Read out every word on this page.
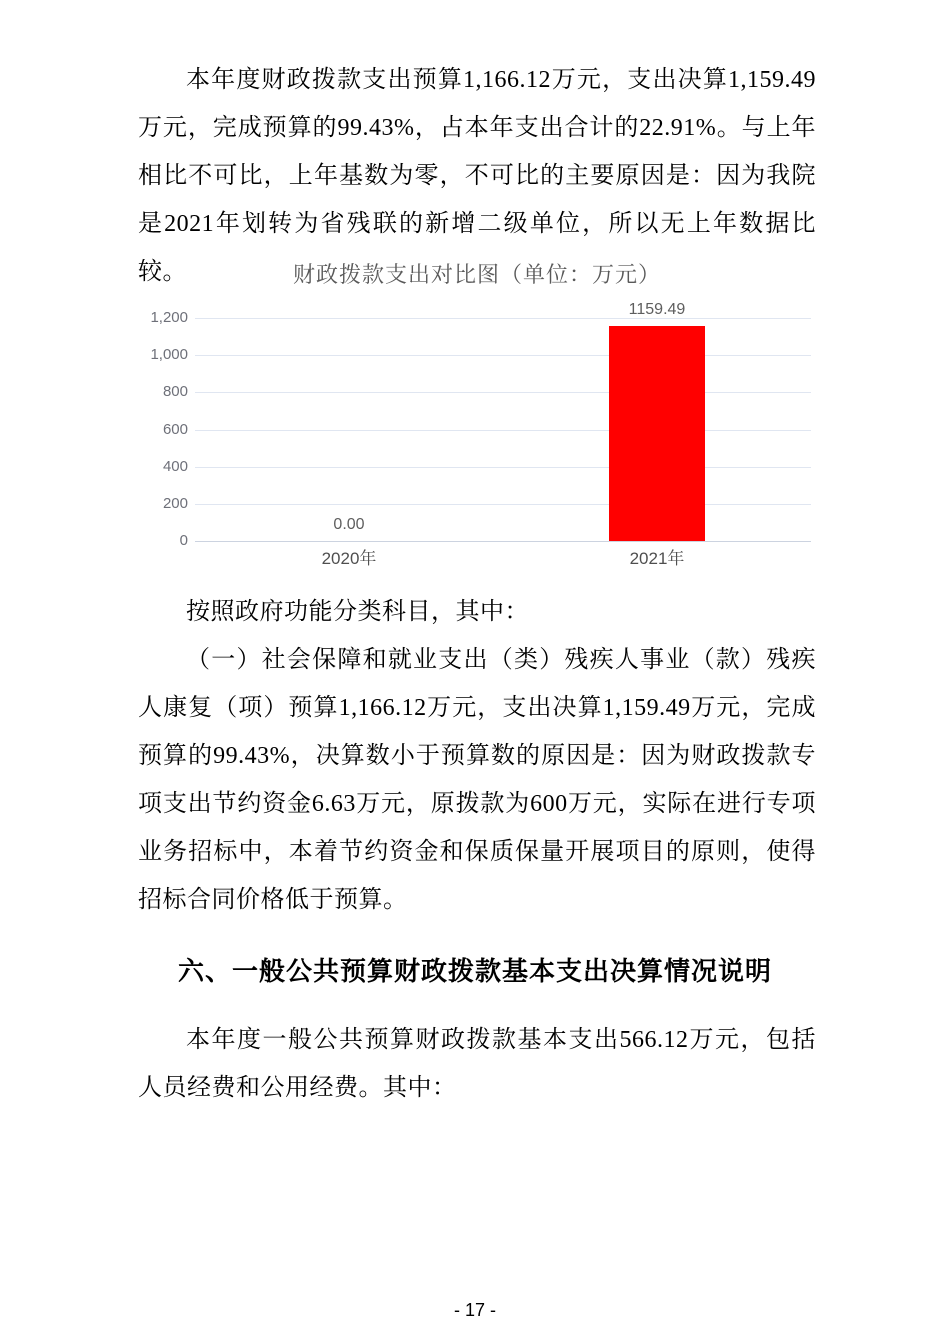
本年度财政拨款支出预算1,166.12万元，支出决算1,159.49万元，完成预算的99.43%，占本年支出合计的22.91%。与上年相比不可比，上年基数为零，不可比的主要原因是：因为我院是2021年划转为省残联的新增二级单位，所以无上年数据比较。	财政拨款支出对比图（单位：万元）
1,200
1,000
800
600
400
200
0
0.00
1159.49
2020年	2021年

按照政府功能分类科目，其中：

（一）社会保障和就业支出（类）残疾人事业（款）残疾人康复（项）预算1,166.12万元，支出决算1,159.49万元，完成预算的99.43%，决算数小于预算数的原因是：因为财政拨款专项支出节约资金6.63万元，原拨款为600万元，实际在进行专项业务招标中，本着节约资金和保质保量开展项目的原则，使得招标合同价格低于预算。

六、一般公共预算财政拨款基本支出决算情况说明

本年度一般公共预算财政拨款基本支出566.12万元，包括人员经费和公用经费。其中：

- 17 -
